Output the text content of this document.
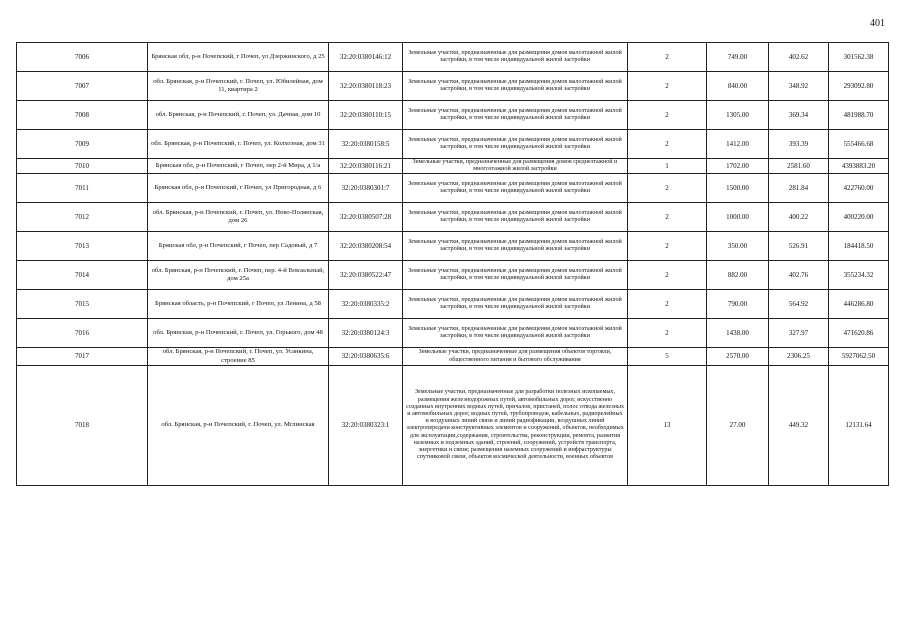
401
7006	Брянская обл, р-н Почепский, г Почеп, ул Дзержинского, д 25	32:20:0380146:12	Земельные участки, предназначенные для размещения домов малоэтажной жилой застройки, в том числе индивидуальной жилой застройки	2	749.00	402.62	301562.38
7007	обл. Брянская, р-н Почепский, г. Почеп, ул. Юбилейная, дом 11, квартира 2	32:20:0380118:23	Земельные участки, предназначенные для размещения домов малоэтажной жилой застройки, в том числе индивидуальной жилой застройки	2	840.00	348.92	293092.80
7008	обл. Брянская, р-н Почепский, г. Почеп, ул. Дачная, дом 10	32:20:0380110:15	Земельные участки, предназначенные для размещения домов малоэтажной жилой застройки, в том числе индивидуальной жилой застройки	2	1305.00	369.34	481988.70
7009	обл. Брянская, р-н Почепский, г. Почеп, ул. Колхозная, дом 31	32:20:0380158:5	Земельные участки, предназначенные для размещения домов малоэтажной жилой застройки, в том числе индивидуальной жилой застройки	2	1412.00	393.39	555466.68
7010	Брянская обл, р-н Почепский, г Почеп, пер 2-й Мира, д 1/а	32:20:0380116:21	Земельные участки, предназначенные для размещения домов среднеэтажной и многоэтажной жилой застройки	1	1702.00	2581.60	4393883.20
7011	Брянская обл, р-н Почепский, г Почеп, ул Пригородная, д 6	32:20:0380301:7	Земельные участки, предназначенные для размещения домов малоэтажной жилой застройки, в том числе индивидуальной жилой застройки	2	1500.00	281.84	422760.00
7012	обл. Брянская, р-н Почепский, г. Почеп, ул. Ново-Полянская, дом 26	32:20:0380507:28	Земельные участки, предназначенные для размещения домов малоэтажной жилой застройки, в том числе индивидуальной жилой застройки	2	1000.00	400.22	400220.00
7013	Брянская обл, р-н Почепский, г Почеп, пер Садовый, д 7	32:20:0380208:54	Земельные участки, предназначенные для размещения домов малоэтажной жилой застройки, в том числе индивидуальной жилой застройки	2	350.00	526.91	184418.50
7014	обл. Брянская, р-н Почепский, г. Почеп, пер. 4-й Вокзальный, дом 25а	32:20:0380522:47	Земельные участки, предназначенные для размещения домов малоэтажной жилой застройки, в том числе индивидуальной жилой застройки	2	882.00	402.76	355234.32
7015	Брянская область, р-н Почепский, г Почеп, ул Ленина, д 58	32:20:0380335:2	Земельные участки, предназначенные для размещения домов малоэтажной жилой застройки, в том числе индивидуальной жилой застройки	2	790.00	564.92	446286.80
7016	обл. Брянская, р-н Почепский, г. Почеп, ул. Горького, дом 48	32:20:0380124:3	Земельные участки, предназначенные для размещения домов малоэтажной жилой застройки, в том числе индивидуальной жилой застройки	2	1438.00	327.97	471620.86
7017	обл. Брянская, р-н Почепский, г. Почеп, ул. Усанкина, строение 85	32:20:0380635:6	Земельные участки, предназначенные для размещения объектов торговли, общественного питания и бытового обслуживания	5	2570.00	2306.25	5927062.50
7018	обл. Брянская, р-н Почепский, г. Почеп, ул. Мглинская	32:20:0380323:1	Земельные участки, предназначенные для разработки полезных ископаемых, размещения железнодорожных путей, автомобильных дорог, искусственно созданных внутренних водных путей, причалов, пристаней, полос отвода железных и автомобильных дорог, водных путей, трубопроводов, кабельных, радиорелейных и воздушных линий связи и линий радиофикации, воздушных линий электропередачи конструктивных элементов и сооружений, объектов, необходимых для эксплуатации,содержания, строительства, реконструкции, ремонта, развития наземных и подземных зданий, строений, сооружений, устройств транспорта, энергетики и связи; размещения наземных сооружений и инфраструктуры спутниковой связи, объектов космической деятельности, военных объектов	13	27.00	449.32	12131.64
